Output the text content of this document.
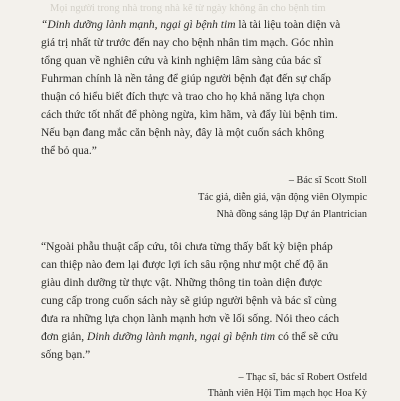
Mọi người trong nhà trong nhà kể từ ngày không ăn cho bệnh tim
“Dinh dưỡng lành mạnh, ngại gì bệnh tim là tài liệu toàn diện và
giá trị nhất từ trước đến nay cho bệnh nhân tim mạch. Góc nhìn
tổng quan về nghiên cứu và kinh nghiệm lâm sàng của bác sĩ
Fuhrman chính là nền tảng để giúp người bệnh đạt đến sự chấp
thuận có hiểu biết đích thực và trao cho họ khả năng lựa chọn
cách thức tốt nhất để phòng ngừa, kìm hãm, và đẩy lùi bệnh tim.
Nếu bạn đang mắc căn bệnh này, đây là một cuốn sách không
thể bỏ qua.”
– Bác sĩ Scott Stoll
Tác giả, diễn giả, vận động viên Olympic
Nhà đồng sáng lập Dự án Plantrician
“Ngoài phẫu thuật cấp cứu, tôi chưa từng thấy bất kỳ biện pháp
can thiệp nào đem lại được lợi ích sâu rộng như một chế độ ăn
giàu dinh dưỡng từ thực vật. Những thông tin toàn diện được
cung cấp trong cuốn sách này sẽ giúp người bệnh và bác sĩ cùng
đưa ra những lựa chọn lành mạnh hơn về lối sống. Nói theo cách
đơn giản, Dinh dưỡng lành mạnh, ngại gì bệnh tim có thể sẽ cứu
sống bạn.”
– Thạc sĩ, bác sĩ Robert Ostfeld
Thành viên Hội Tim mạch học Hoa Kỳ
